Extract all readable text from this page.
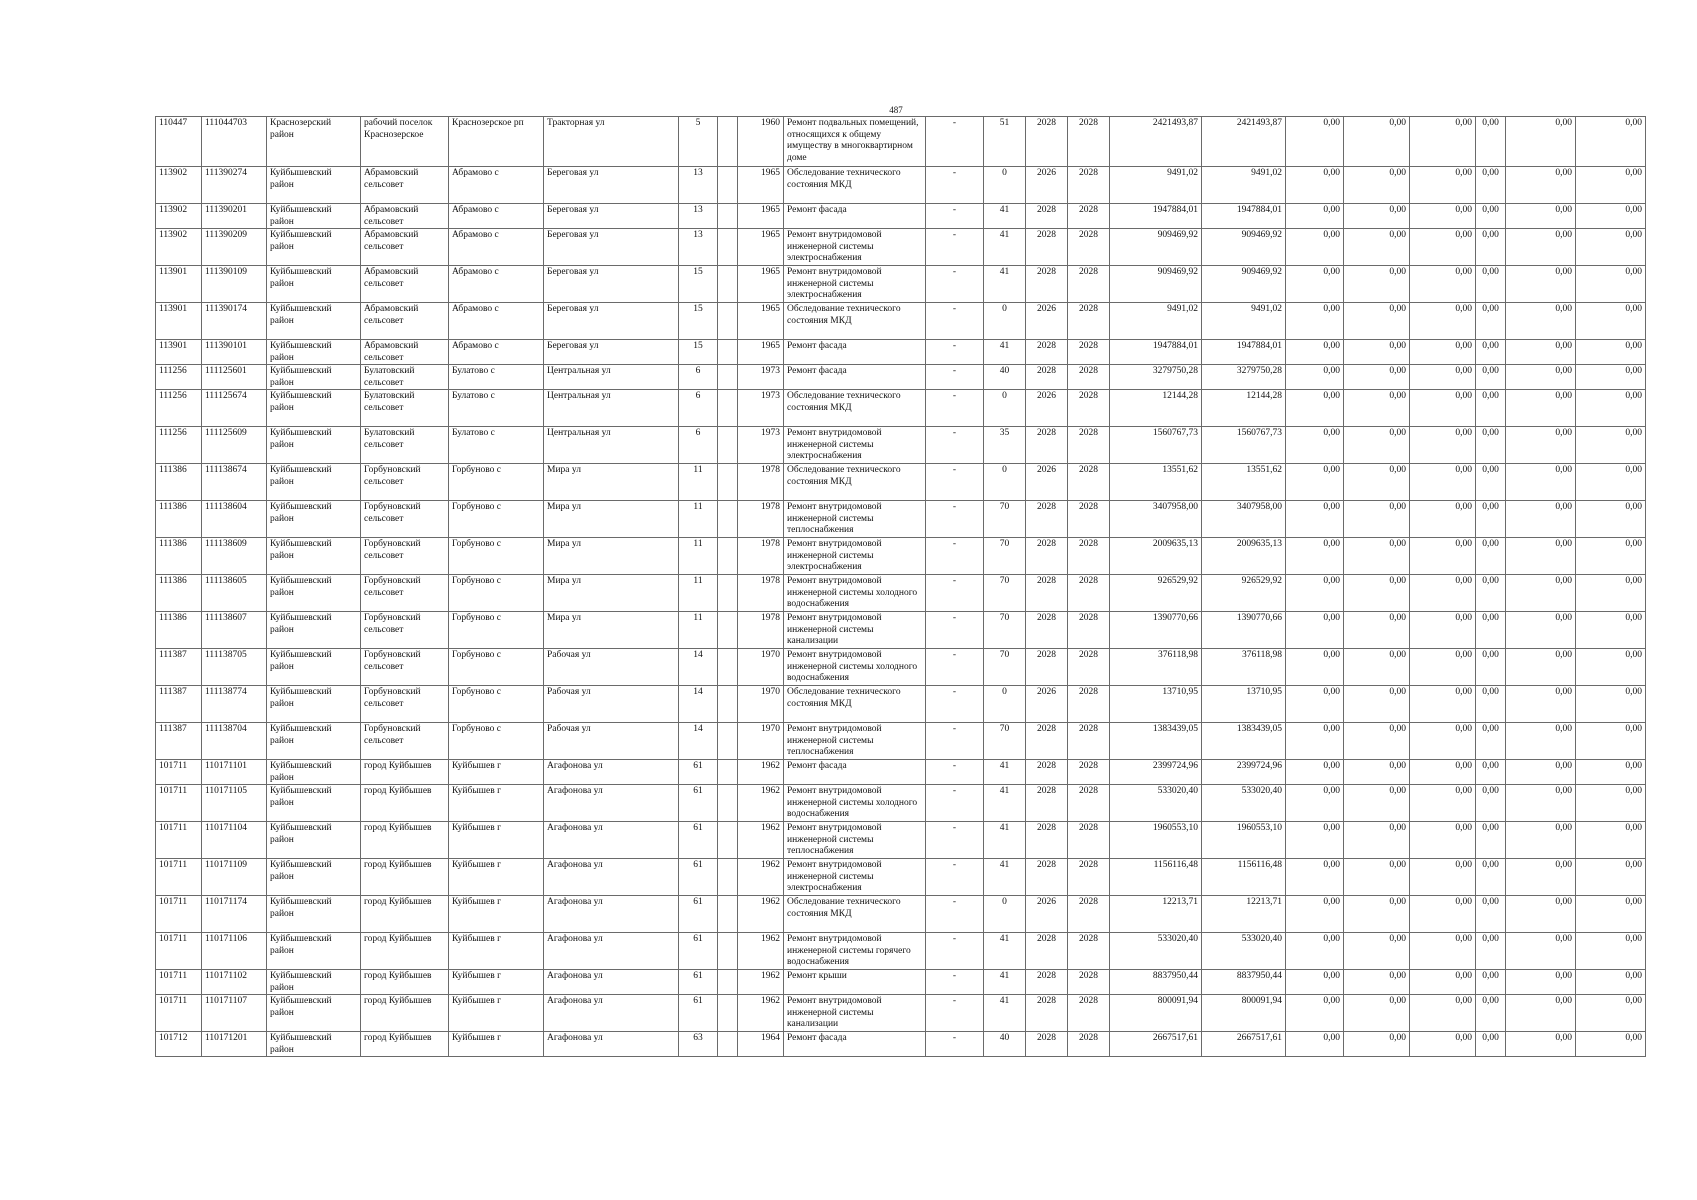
487
110447	111044703	Краснозерский район	рабочий поселок Краснозерское	Краснозерское рп	Тракторная ул	5		1960	Ремонт подвальных помещений, относящихся к общему имуществу в многоквартирном доме	-	51	2028	2028	2421493,87	2421493,87	0,00	0,00	0,00	0,00	0,00	0,00

113902	111390274	Куйбышевский район	Абрамовский сельсовет	Абрамово с	Береговая ул	13		1965	Обследование технического состояния МКД	-	0	2026	2028	9491,02	9491,02	0,00	0,00	0,00	0,00	0,00	0,00

113902	111390201	Куйбышевский район	Абрамовский сельсовет	Абрамово с	Береговая ул	13		1965	Ремонт фасада	-	41	2028	2028	1947884,01	1947884,01	0,00	0,00	0,00	0,00	0,00	0,00

113902	111390209	Куйбышевский район	Абрамовский сельсовет	Абрамово с	Береговая ул	13		1965	Ремонт внутридомовой инженерной системы электроснабжения	-	41	2028	2028	909469,92	909469,92	0,00	0,00	0,00	0,00	0,00	0,00

113901	111390109	Куйбышевский район	Абрамовский сельсовет	Абрамово с	Береговая ул	15		1965	Ремонт внутридомовой инженерной системы электроснабжения	-	41	2028	2028	909469,92	909469,92	0,00	0,00	0,00	0,00	0,00	0,00

113901	111390174	Куйбышевский район	Абрамовский сельсовет	Абрамово с	Береговая ул	15		1965	Обследование технического состояния МКД	-	0	2026	2028	9491,02	9491,02	0,00	0,00	0,00	0,00	0,00	0,00

113901	111390101	Куйбышевский район	Абрамовский сельсовет	Абрамово с	Береговая ул	15		1965	Ремонт фасада	-	41	2028	2028	1947884,01	1947884,01	0,00	0,00	0,00	0,00	0,00	0,00

111256	111125601	Куйбышевский район	Булатовский сельсовет	Булатово с	Центральная ул	6		1973	Ремонт фасада	-	40	2028	2028	3279750,28	3279750,28	0,00	0,00	0,00	0,00	0,00	0,00

111256	111125674	Куйбышевский район	Булатовский сельсовет	Булатово с	Центральная ул	6		1973	Обследование технического состояния МКД	-	0	2026	2028	12144,28	12144,28	0,00	0,00	0,00	0,00	0,00	0,00

111256	111125609	Куйбышевский район	Булатовский сельсовет	Булатово с	Центральная ул	6		1973	Ремонт внутридомовой инженерной системы электроснабжения	-	35	2028	2028	1560767,73	1560767,73	0,00	0,00	0,00	0,00	0,00	0,00

111386	111138674	Куйбышевский район	Горбуновский сельсовет	Горбуново с	Мира ул	11		1978	Обследование технического состояния МКД	-	0	2026	2028	13551,62	13551,62	0,00	0,00	0,00	0,00	0,00	0,00

111386	111138604	Куйбышевский район	Горбуновский сельсовет	Горбуново с	Мира ул	11		1978	Ремонт внутридомовой инженерной системы теплоснабжения	-	70	2028	2028	3407958,00	3407958,00	0,00	0,00	0,00	0,00	0,00	0,00

111386	111138609	Куйбышевский район	Горбуновский сельсовет	Горбуново с	Мира ул	11		1978	Ремонт внутридомовой инженерной системы электроснабжения	-	70	2028	2028	2009635,13	2009635,13	0,00	0,00	0,00	0,00	0,00	0,00

111386	111138605	Куйбышевский район	Горбуновский сельсовет	Горбуново с	Мира ул	11		1978	Ремонт внутридомовой инженерной системы холодного водоснабжения	-	70	2028	2028	926529,92	926529,92	0,00	0,00	0,00	0,00	0,00	0,00

111386	111138607	Куйбышевский район	Горбуновский сельсовет	Горбуново с	Мира ул	11		1978	Ремонт внутридомовой инженерной системы канализации	-	70	2028	2028	1390770,66	1390770,66	0,00	0,00	0,00	0,00	0,00	0,00

111387	111138705	Куйбышевский район	Горбуновский сельсовет	Горбуново с	Рабочая ул	14		1970	Ремонт внутридомовой инженерной системы холодного водоснабжения	-	70	2028	2028	376118,98	376118,98	0,00	0,00	0,00	0,00	0,00	0,00

111387	111138774	Куйбышевский район	Горбуновский сельсовет	Горбуново с	Рабочая ул	14		1970	Обследование технического состояния МКД	-	0	2026	2028	13710,95	13710,95	0,00	0,00	0,00	0,00	0,00	0,00

111387	111138704	Куйбышевский район	Горбуновский сельсовет	Горбуново с	Рабочая ул	14		1970	Ремонт внутридомовой инженерной системы теплоснабжения	-	70	2028	2028	1383439,05	1383439,05	0,00	0,00	0,00	0,00	0,00	0,00

101711	110171101	Куйбышевский район	город Куйбышев	Куйбышев г	Агафонова ул	61		1962	Ремонт фасада	-	41	2028	2028	2399724,96	2399724,96	0,00	0,00	0,00	0,00	0,00	0,00

101711	110171105	Куйбышевский район	город Куйбышев	Куйбышев г	Агафонова ул	61		1962	Ремонт внутридомовой инженерной системы холодного водоснабжения	-	41	2028	2028	533020,40	533020,40	0,00	0,00	0,00	0,00	0,00	0,00

101711	110171104	Куйбышевский район	город Куйбышев	Куйбышев г	Агафонова ул	61		1962	Ремонт внутридомовой инженерной системы теплоснабжения	-	41	2028	2028	1960553,10	1960553,10	0,00	0,00	0,00	0,00	0,00	0,00

101711	110171109	Куйбышевский район	город Куйбышев	Куйбышев г	Агафонова ул	61		1962	Ремонт внутридомовой инженерной системы электроснабжения	-	41	2028	2028	1156116,48	1156116,48	0,00	0,00	0,00	0,00	0,00	0,00

101711	110171174	Куйбышевский район	город Куйбышев	Куйбышев г	Агафонова ул	61		1962	Обследование технического состояния МКД	-	0	2026	2028	12213,71	12213,71	0,00	0,00	0,00	0,00	0,00	0,00

101711	110171106	Куйбышевский район	город Куйбышев	Куйбышев г	Агафонова ул	61		1962	Ремонт внутридомовой инженерной системы горячего водоснабжения	-	41	2028	2028	533020,40	533020,40	0,00	0,00	0,00	0,00	0,00	0,00

101711	110171102	Куйбышевский район	город Куйбышев	Куйбышев г	Агафонова ул	61		1962	Ремонт крыши	-	41	2028	2028	8837950,44	8837950,44	0,00	0,00	0,00	0,00	0,00	0,00

101711	110171107	Куйбышевский район	город Куйбышев	Куйбышев г	Агафонова ул	61		1962	Ремонт внутридомовой инженерной системы канализации	-	41	2028	2028	800091,94	800091,94	0,00	0,00	0,00	0,00	0,00	0,00

101712	110171201	Куйбышевский район	город Куйбышев	Куйбышев г	Агафонова ул	63		1964	Ремонт фасада	-	40	2028	2028	2667517,61	2667517,61	0,00	0,00	0,00	0,00	0,00	0,00
